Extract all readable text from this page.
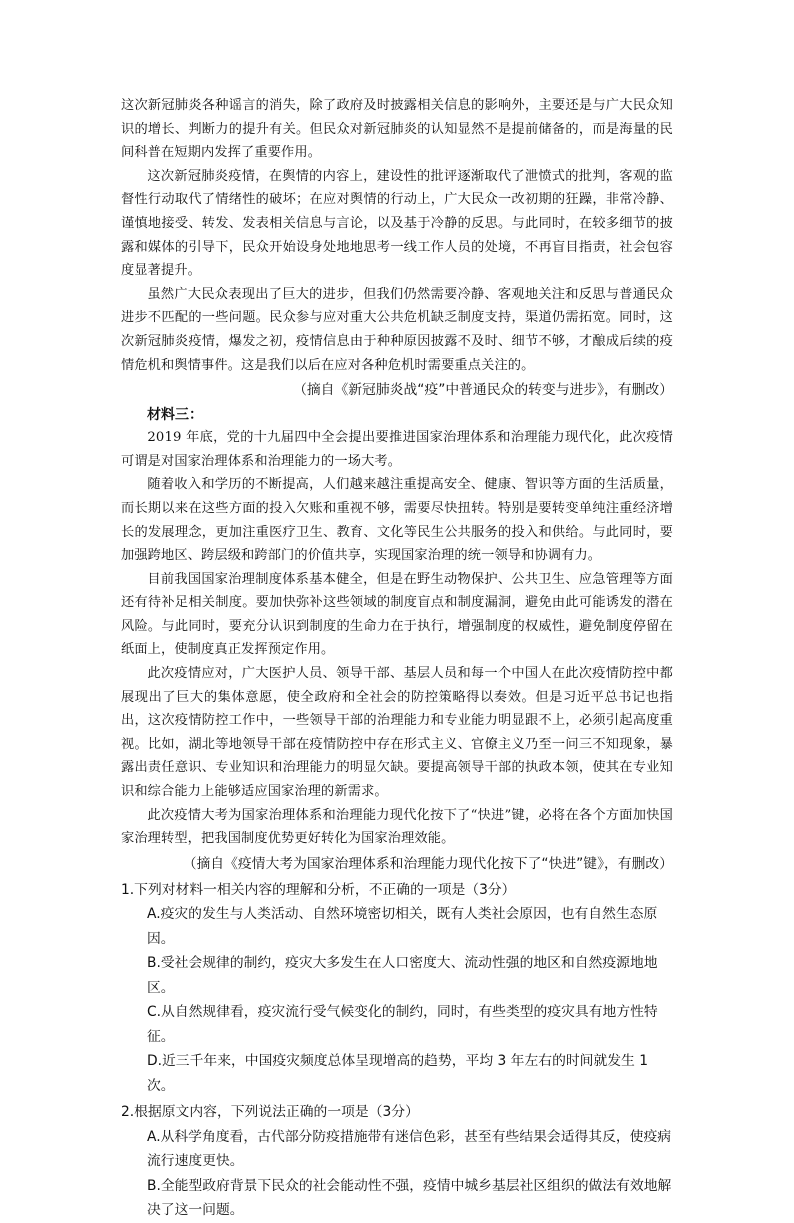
这次新冠肺炎各种谣言的消失，除了政府及时披露相关信息的影响外，主要还是与广大民众知识的增长、判断力的提升有关。但民众对新冠肺炎的认知显然不是提前储备的，而是海量的民间科普在短期内发挥了重要作用。

这次新冠肺炎疫情，在舆情的内容上，建设性的批评逐渐取代了泄愤式的批判，客观的监督性行动取代了情绪性的破坏；在应对舆情的行动上，广大民众一改初期的狂躁，非常冷静、谨慎地接受、转发、发表相关信息与言论，以及基于冷静的反思。与此同时，在较多细节的披露和媒体的引导下，民众开始设身处地地思考一线工作人员的处境，不再盲目指责，社会包容度显著提升。

虽然广大民众表现出了巨大的进步，但我们仍然需要冷静、客观地关注和反思与普通民众进步不匹配的一些问题。民众参与应对重大公共危机缺乏制度支持，渠道仍需拓宽。同时，这次新冠肺炎疫情，爆发之初，疫情信息由于种种原因披露不及时、细节不够，才酿成后续的疫情危机和舆情事件。这是我们以后在应对各种危机时需要重点关注的。

（摘自《新冠肺炎战“疫”中普通民众的转变与进步》，有删改）

材料三：

2019 年底，党的十九届四中全会提出要推进国家治理体系和治理能力现代化，此次疫情可谓是对国家治理体系和治理能力的一场大考。

随着收入和学历的不断提高，人们越来越注重提高安全、健康、智识等方面的生活质量，而长期以来在这些方面的投入欠账和重视不够，需要尽快扭转。特别是要转变单纯注重经济增长的发展理念，更加注重医疗卫生、教育、文化等民生公共服务的投入和供给。与此同时，要加强跨地区、跨层级和跨部门的价值共享，实现国家治理的统一领导和协调有力。

目前我国国家治理制度体系基本健全，但是在野生动物保护、公共卫生、应急管理等方面还有待补足相关制度。要加快弥补这些领域的制度盲点和制度漏洞，避免由此可能诱发的潜在风险。与此同时，要充分认识到制度的生命力在于执行，增强制度的权威性，避免制度停留在纸面上，使制度真正发挥预定作用。

此次疫情应对，广大医护人员、领导干部、基层人员和每一个中国人在此次疫情防控中都展现出了巨大的集体意愿，使全政府和全社会的防控策略得以奏效。但是习近平总书记也指出，这次疫情防控工作中，一些领导干部的治理能力和专业能力明显跟不上，必须引起高度重视。比如，湖北等地领导干部在疫情防控中存在形式主义、官僚主义乃至一问三不知现象，暴露出责任意识、专业知识和治理能力的明显欠缺。要提高领导干部的执政本领，使其在专业知识和综合能力上能够适应国家治理的新需求。

此次疫情大考为国家治理体系和治理能力现代化按下了“快进”键，必将在各个方面加快国家治理转型，把我国制度优势更好转化为国家治理效能。

（摘自《疫情大考为国家治理体系和治理能力现代化按下了“快进”键》，有删改）

1.下列对材料一相关内容的理解和分析，不正确的一项是（3分）

A.疫灾的发生与人类活动、自然环境密切相关，既有人类社会原因，也有自然生态原因。

B.受社会规律的制约，疫灾大多发生在人口密度大、流动性强的地区和自然疫源地地区。

C.从自然规律看，疫灾流行受气候变化的制约，同时，有些类型的疫灾具有地方性特征。

D.近三千年来，中国疫灾频度总体呈现增高的趋势，平均 3 年左右的时间就发生 1次。

2.根据原文内容，下列说法正确的一项是（3分）

A.从科学角度看，古代部分防疫措施带有迷信色彩，甚至有些结果会适得其反，使疫病流行速度更快。

B.全能型政府背景下民众的社会能动性不强，疫情中城乡基层社区组织的做法有效地解决了这一问题。
